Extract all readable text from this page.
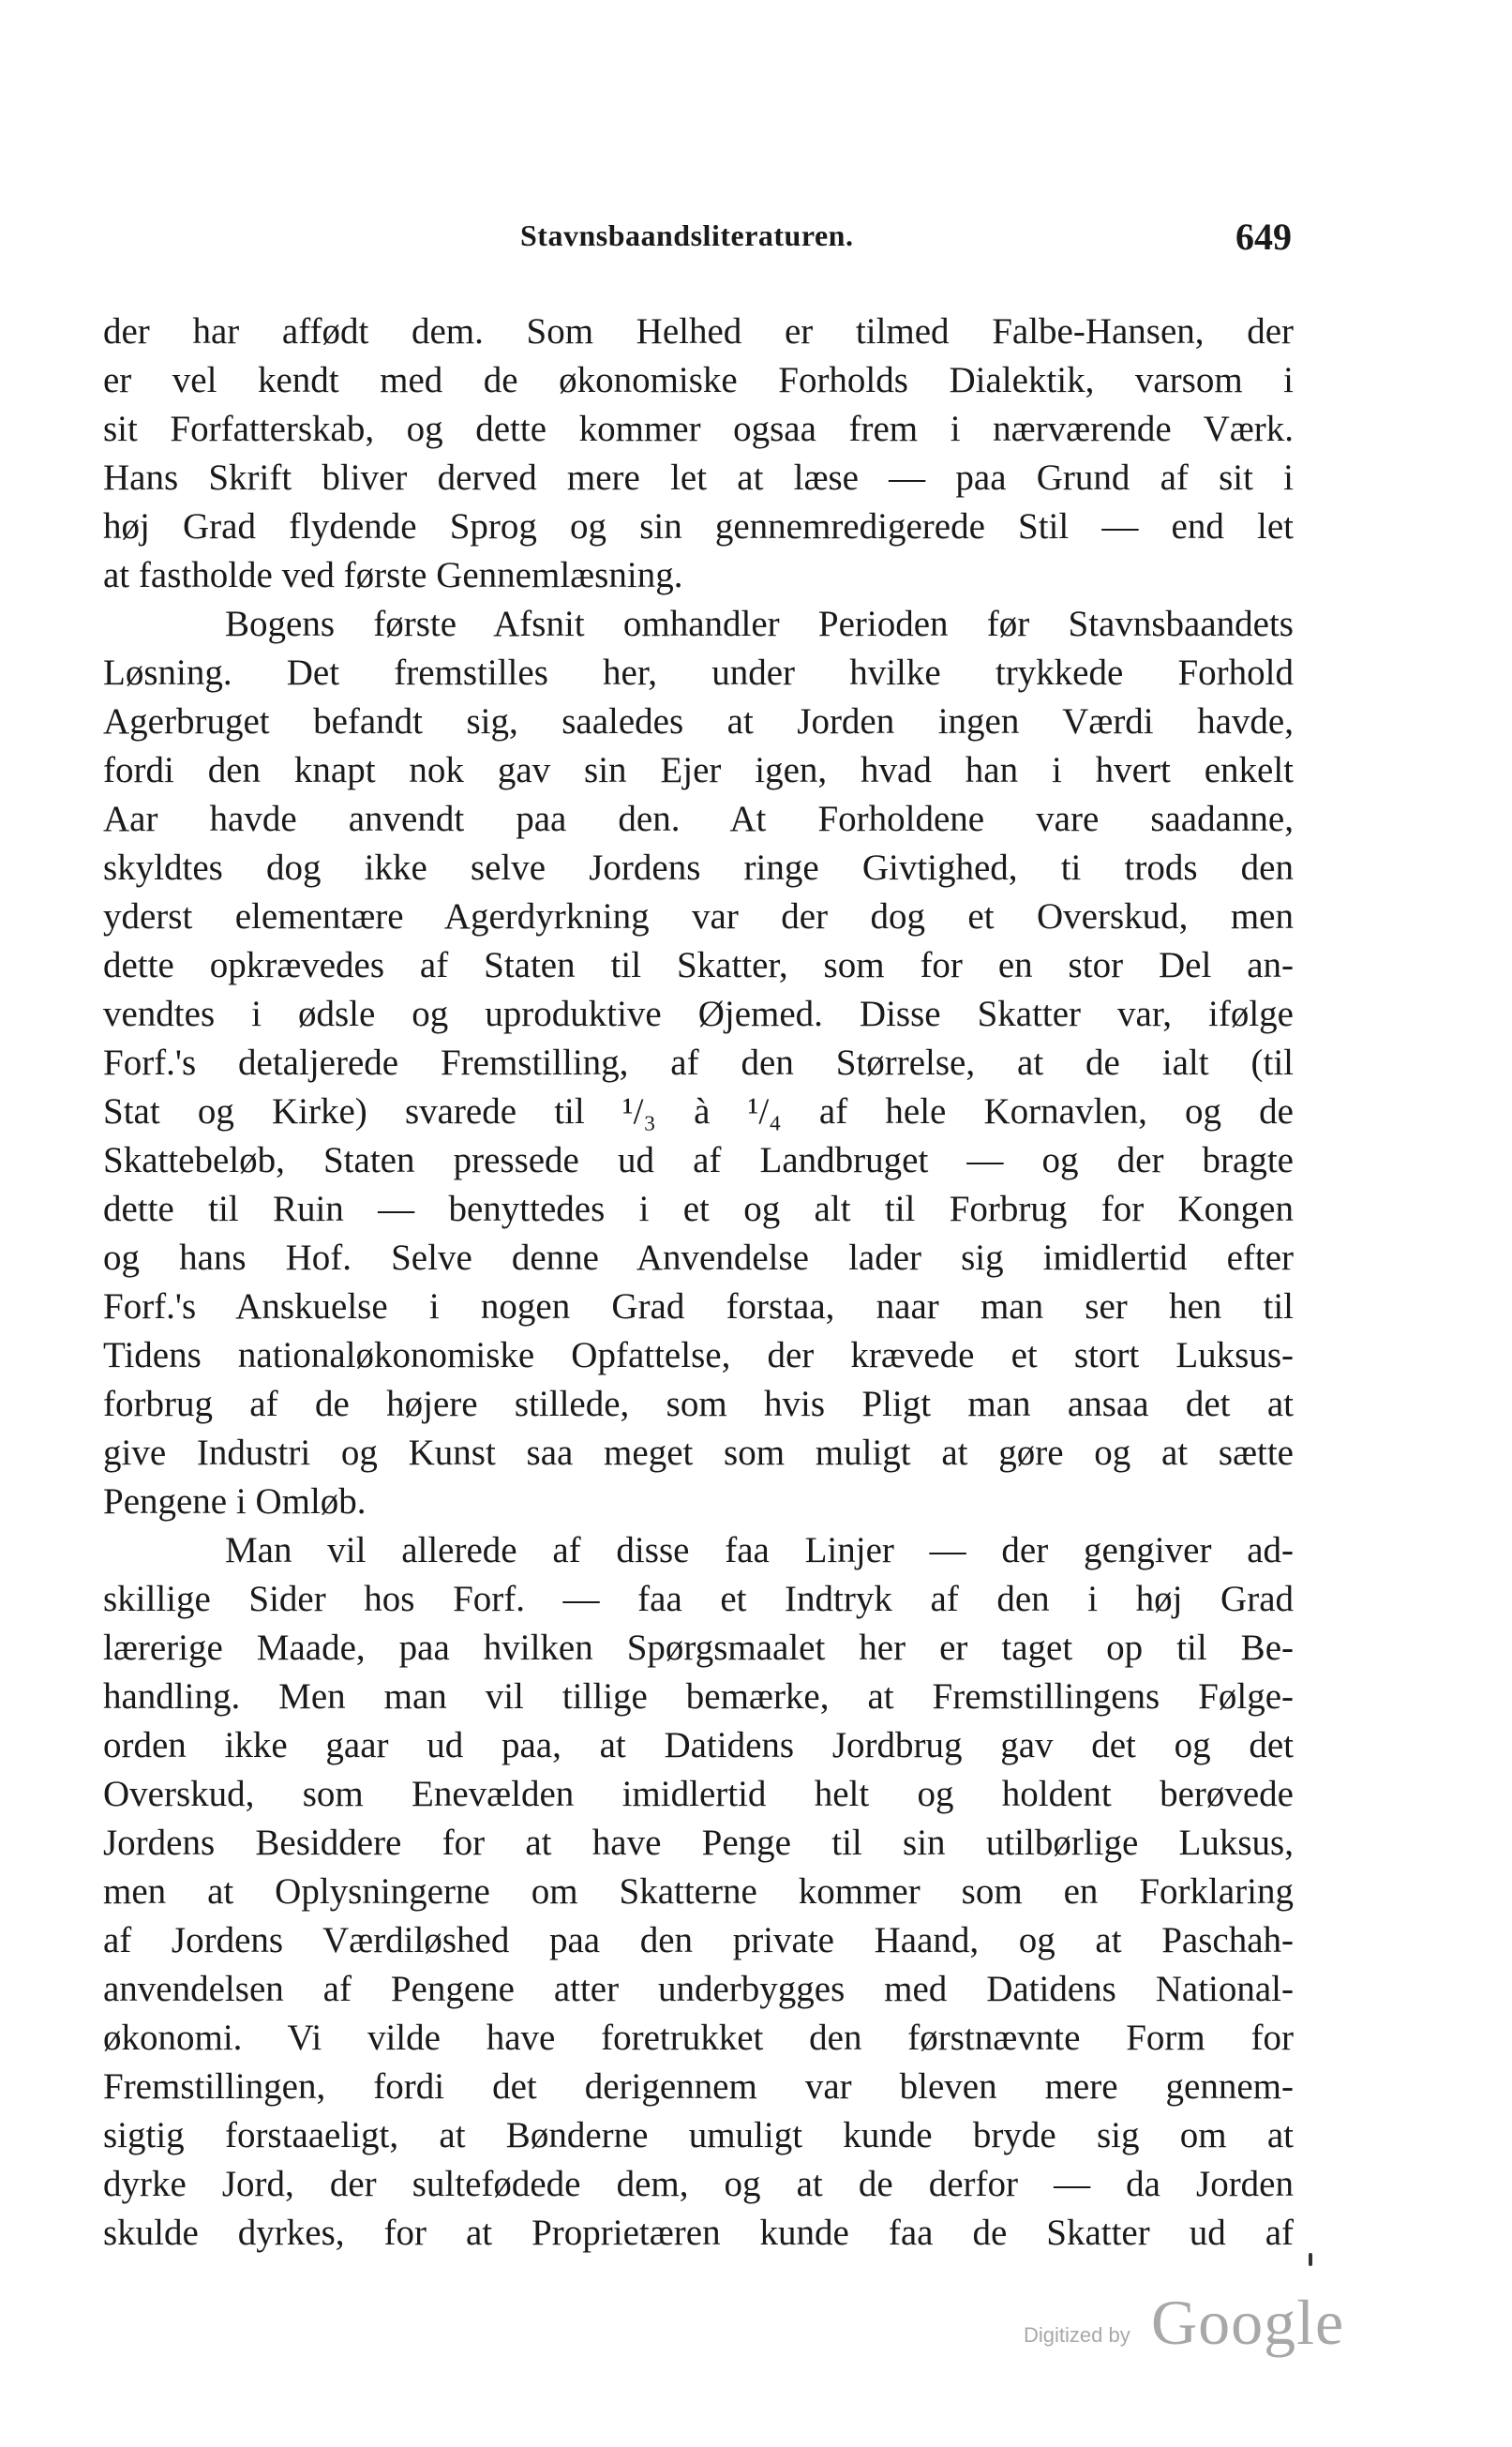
Stavnsbaandsliteraturen.	649
der har affødt dem. Som Helhed er tilmed Falbe-Hansen, der
er vel kendt med de økonomiske Forholds Dialektik, varsom i
sit Forfatterskab, og dette kommer ogsaa frem i nærværende Værk.
Hans Skrift bliver derved mere let at læse — paa Grund af sit i
høj Grad flydende Sprog og sin gennemredigerede Stil — end let
at fastholde ved første Gennemlæsning.
Bogens første Afsnit omhandler Perioden før Stavnsbaandets
Løsning. Det fremstilles her, under hvilke trykkede Forhold
Agerbruget befandt sig, saaledes at Jorden ingen Værdi havde,
fordi den knapt nok gav sin Ejer igen, hvad han i hvert enkelt
Aar havde anvendt paa den. At Forholdene vare saadanne,
skyldtes dog ikke selve Jordens ringe Givtighed, ti trods den
yderst elementære Agerdyrkning var der dog et Overskud, men
dette opkrævedes af Staten til Skatter, som for en stor Del an-
vendtes i ødsle og uproduktive Øjemed. Disse Skatter var, ifølge
Forf.'s detaljerede Fremstilling, af den Størrelse, at de ialt (til
Stat og Kirke) svarede til ¹/₃ à ¹/₄ af hele Kornavlen, og de
Skattebeløb, Staten pressede ud af Landbruget — og der bragte
dette til Ruin — benyttedes i et og alt til Forbrug for Kongen
og hans Hof. Selve denne Anvendelse lader sig imidlertid efter
Forf.'s Anskuelse i nogen Grad forstaa, naar man ser hen til
Tidens nationaløkonomiske Opfattelse, der krævede et stort Luksus-
forbrug af de højere stillede, som hvis Pligt man ansaa det at
give Industri og Kunst saa meget som muligt at gøre og at sætte
Pengene i Omløb.
Man vil allerede af disse faa Linjer — der gengiver ad-
skillige Sider hos Forf. — faa et Indtryk af den i høj Grad
lærerige Maade, paa hvilken Spørgsmaalet her er taget op til Be-
handling. Men man vil tillige bemærke, at Fremstillingens Følge-
orden ikke gaar ud paa, at Datidens Jordbrug gav det og det
Overskud, som Enevælden imidlertid helt og holdent berøvede
Jordens Besiddere for at have Penge til sin utilbørlige Luksus,
men at Oplysningerne om Skatterne kommer som en Forklaring
af Jordens Værdiløshed paa den private Haand, og at Paschah-
anvendelsen af Pengene atter underbygges med Datidens National-
økonomi. Vi vilde have foretrukket den førstnævnte Form for
Fremstillingen, fordi det derigennem var bleven mere gennem-
sigtig forstaaeligt, at Bønderne umuligt kunde bryde sig om at
dyrke Jord, der sultefødede dem, og at de derfor — da Jorden
skulde dyrkes, for at Proprietæren kunde faa de Skatter ud af
Digitized by Google
